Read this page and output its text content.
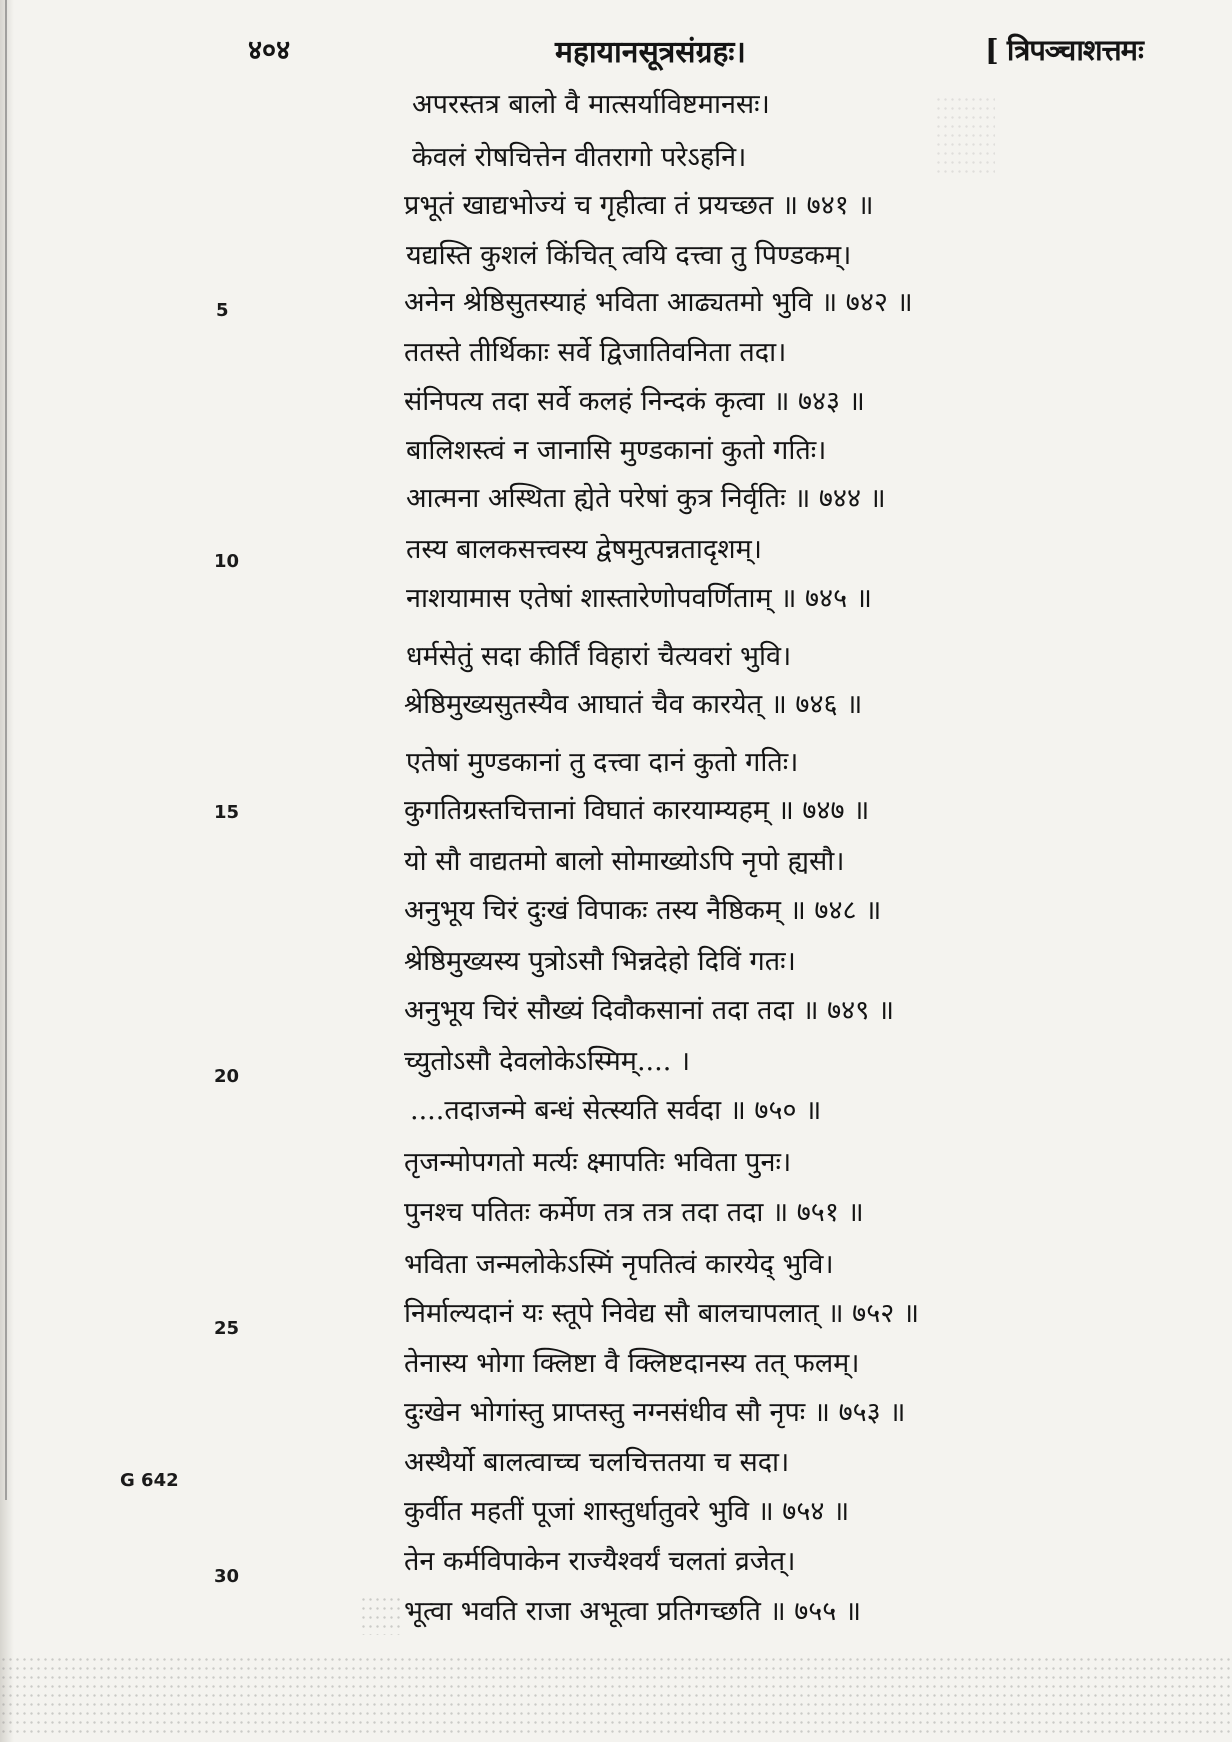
४०४	महायानसूत्रसंग्रहः।	[ त्रिपञ्चाशत्तमः
अपरस्तत्र बालो वै मात्सर्याविष्टमानसः।
केवलं रोषचित्तेन वीतरागो परेऽहनि।
प्रभूतं खाद्यभोज्यं च गृहीत्वा तं प्रयच्छत ॥ ७४१ ॥
यद्यस्ति कुशलं किंचित् त्वयि दत्त्वा तु पिण्डकम्।
अनेन श्रेष्ठिसुतस्याहं भविता आढ्यतमो भुवि ॥ ७४२ ॥
ततस्ते तीर्थिकाः सर्वे द्विजातिवनिता तदा।
संनिपत्य तदा सर्वे कलहं निन्दकं कृत्वा ॥ ७४३ ॥
बालिशस्त्वं न जानासि मुण्डकानां कुतो गतिः।
आत्मना अस्थिता ह्येते परेषां कुत्र निर्वृतिः ॥ ७४४ ॥
तस्य बालकसत्त्वस्य द्वेषमुत्पन्नतादृशम्।
नाशयामास एतेषां शास्तारेणोपवर्णिताम् ॥ ७४५ ॥
धर्मसेतुं सदा कीर्तिं विहारां चैत्यवरां भुवि।
श्रेष्ठिमुख्यसुतस्यैव आघातं चैव कारयेत् ॥ ७४६ ॥
एतेषां मुण्डकानां तु दत्त्वा दानं कुतो गतिः।
कुगतिग्रस्तचित्तानां विघातं कारयाम्यहम् ॥ ७४७ ॥
यो सौ वाद्यतमो बालो सोमाख्योऽपि नृपो ह्यसौ।
अनुभूय चिरं दुःखं विपाकः तस्य नैष्ठिकम् ॥ ७४८ ॥
श्रेष्ठिमुख्यस्य पुत्रोऽसौ भिन्नदेहो दिविं गतः।
अनुभूय चिरं सौख्यं दिवौकसानां तदा तदा ॥ ७४९ ॥
च्युतोऽसौ देवलोकेऽस्मिम्.... ।
....तदाजन्मे बन्धं सेत्स्यति सर्वदा ॥ ७५० ॥
तृजन्मोपगतो मर्त्यः क्ष्मापतिः भविता पुनः।
पुनश्च पतितः कर्मेण तत्र तत्र तदा तदा ॥ ७५१ ॥
भविता जन्मलोकेऽस्मिं नृपतित्वं कारयेद् भुवि।
निर्माल्यदानं यः स्तूपे निवेद्य सौ बालचापलात् ॥ ७५२ ॥
तेनास्य भोगा क्लिष्टा वै क्लिष्टदानस्य तत् फलम्।
दुःखेन भोगांस्तु प्राप्तस्तु नग्नसंधीव सौ नृपः ॥ ७५३ ॥
अस्थैर्यो बालत्वाच्च चलचित्ततया च सदा।
कुर्वीत महतीं पूजां शास्तुर्धातुवरे भुवि ॥ ७५४ ॥
तेन कर्मविपाकेन राज्यैश्वर्यं चलतां व्रजेत्।
भूत्वा भवति राजा अभूत्वा प्रतिगच्छति ॥ ७५५ ॥
5
10
15
20
25
G 642
30
